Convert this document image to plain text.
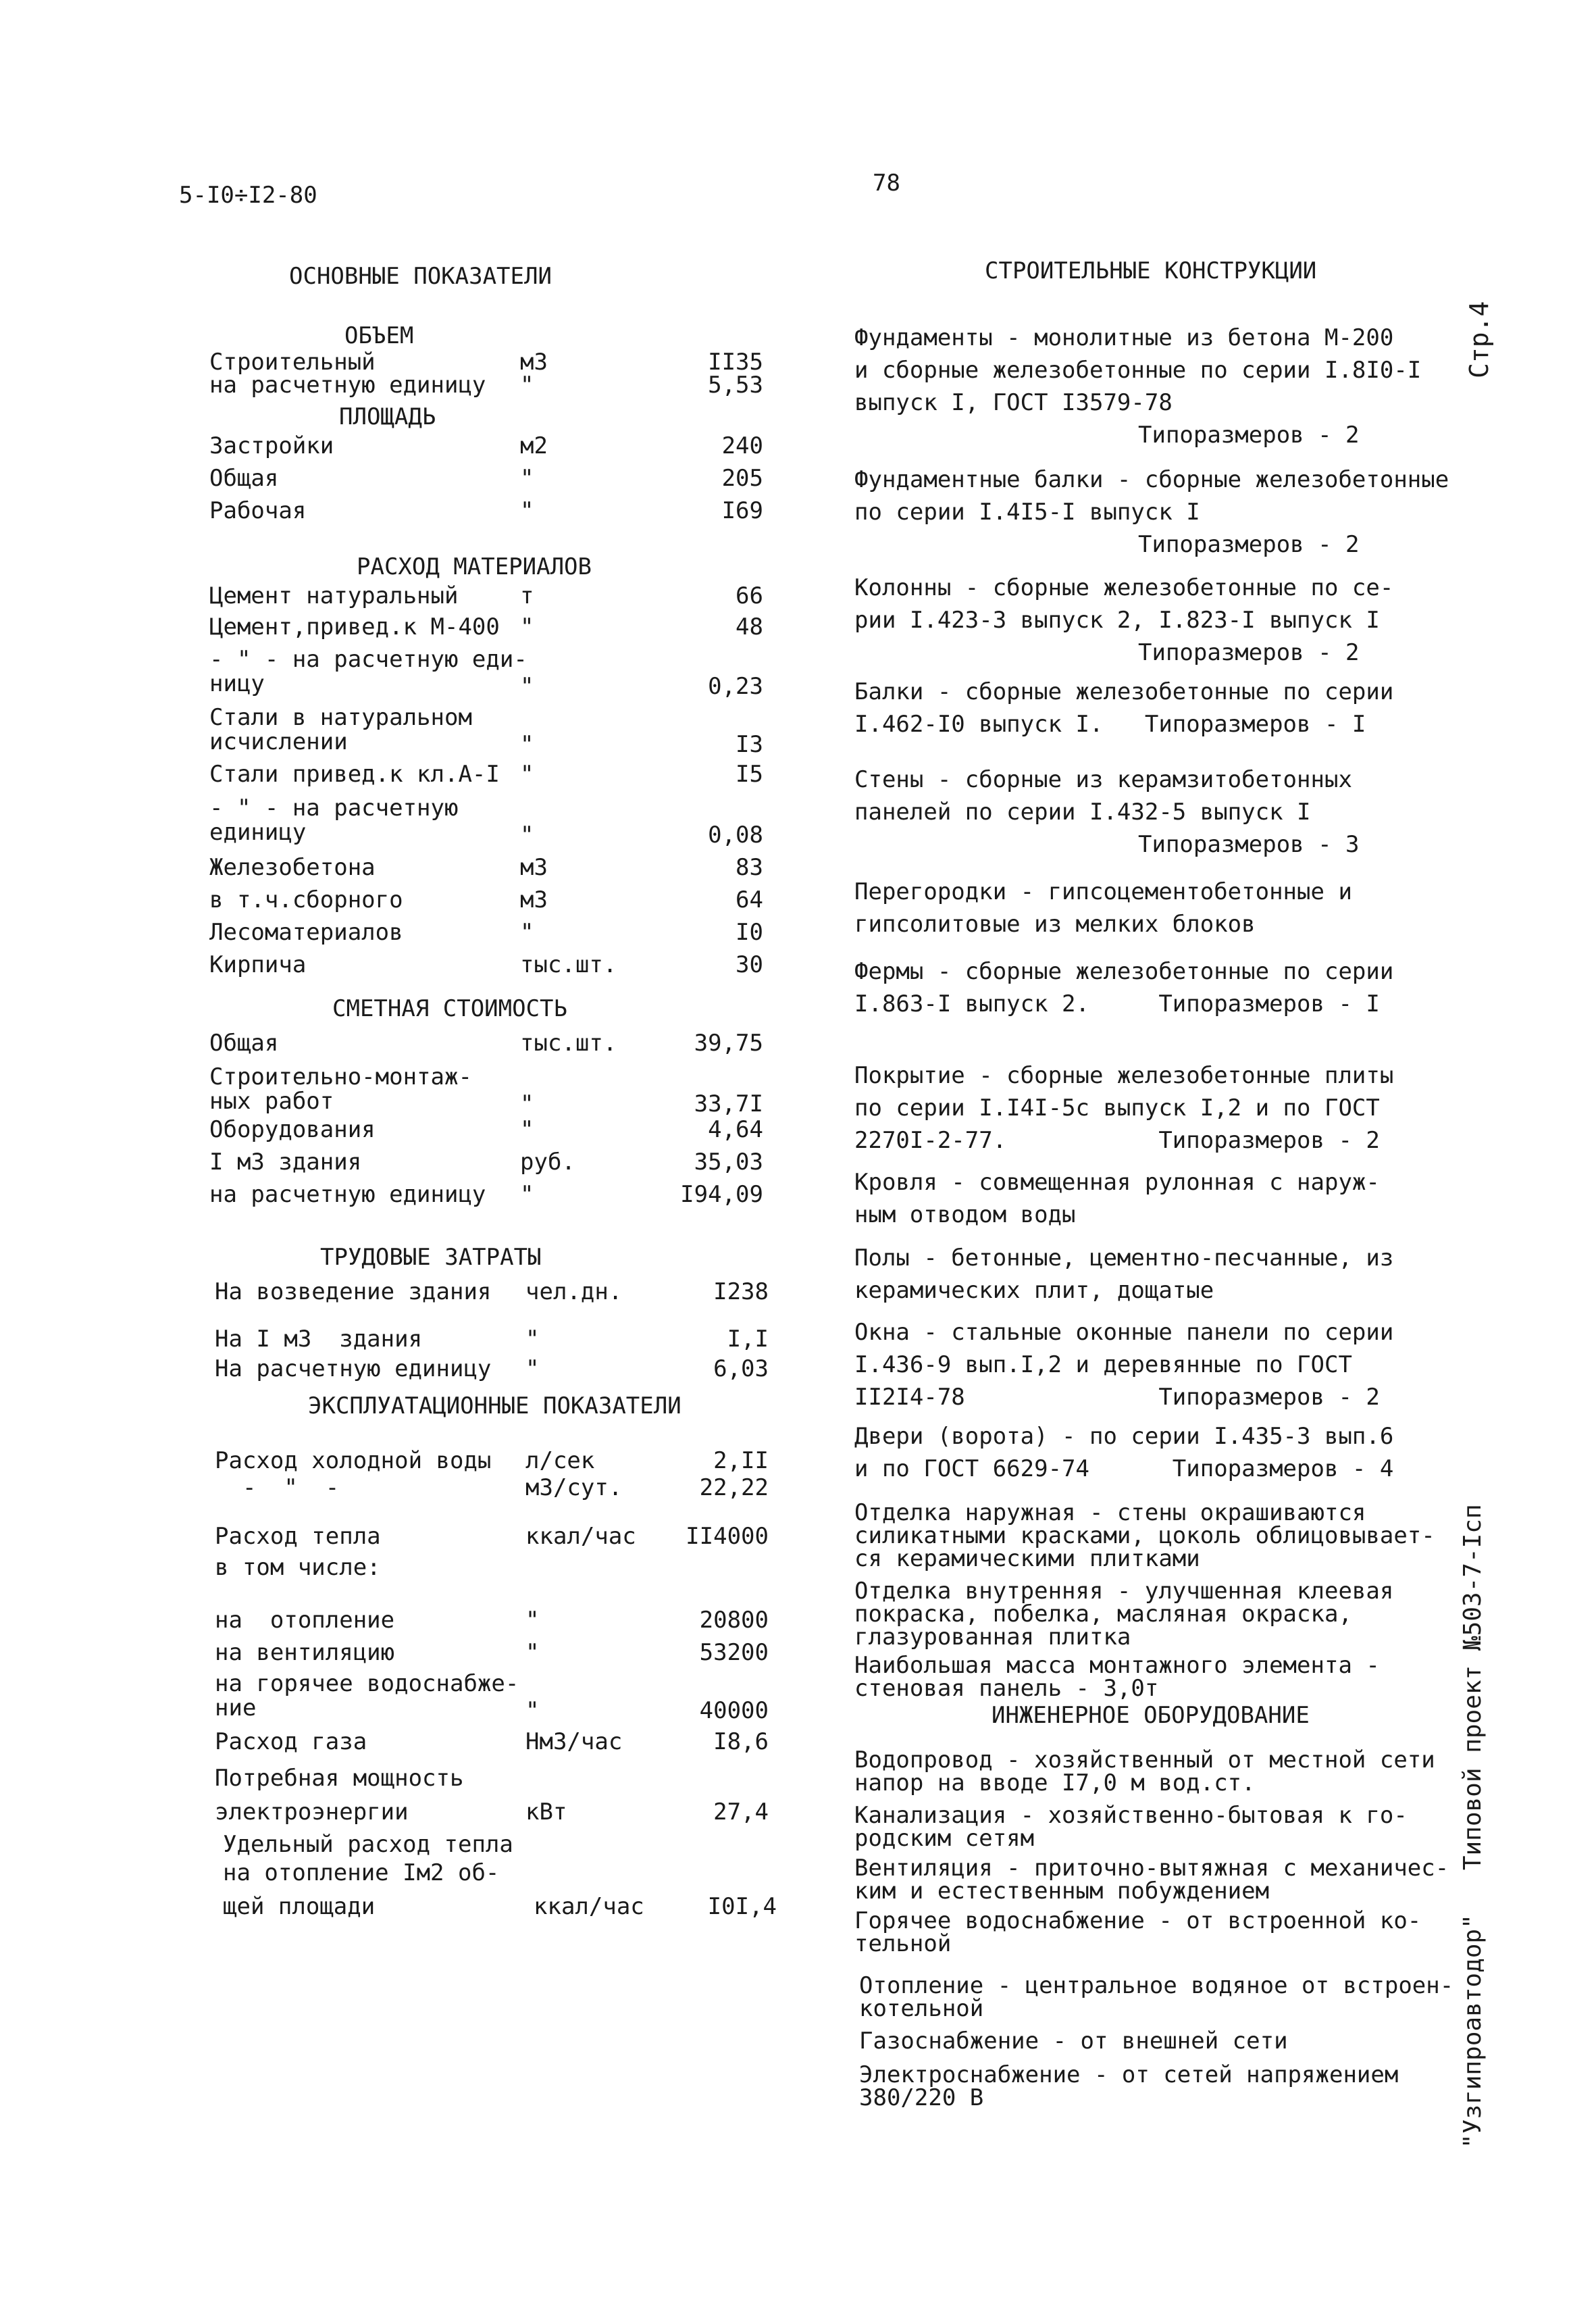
5-I0÷I2-80	78
Стр.4
"Узгипроавтодор"   Типовой проект №503-7-Iсп
ОСНОВНЫЕ ПОКАЗАТЕЛИ
ОБЪЕМ
Строительный	м3	II35
на расчетную единицу "	5,53
ПЛОЩАДЬ
Застройки	м2	240
Общая	"	205
Рабочая	"	I69
РАСХОД МАТЕРИАЛОВ
Цемент натуральный	т	66
Цемент,привед.к М-400 "	48
- " - на расчетную еди-
ницу	"	0,23
Стали в натуральном
исчислении	"	I3
Стали привед.к кл.А-I "	I5
- " - на расчетную
единицу	"	0,08
Железобетона	м3	83
в т.ч.сборного	м3	64
Лесоматериалов	"	I0
Кирпича	тыс.шт.	30
СМЕТНАЯ СТОИМОСТЬ
Общая	тыс.шт.	39,75
Строительно-монтаж-
ных работ	"	33,7I
Оборудования	"	4,64
I м3 здания	руб.	35,03
на расчетную единицу "	I94,09
ТРУДОВЫЕ ЗАТРАТЫ
На возведение здания чел.дн.	I238
На I м3  здания	"	I,I
На расчетную единицу "	6,03
ЭКСПЛУАТАЦИОННЫЕ ПОКАЗАТЕЛИ
Расход холодной воды л/сек	2,II
-  "  -	м3/сут.	22,22
Расход тепла	ккал/час II4000
в том числе:
на  отопление	"	20800
на вентиляцию	"	53200
на горячее водоснабже-
ние	"	40000
Расход газа	Нм3/час	I8,6
Потребная мощность
электроэнергии	кВт	27,4
Удельный расход тепла
на отопление Iм2 об-
щей площади	ккал/час	I0I,4
СТРОИТЕЛЬНЫЕ КОНСТРУКЦИИ
Фундаменты - монолитные из бетона М-200
и сборные железобетонные по серии I.8I0-I
выпуск I, ГОСТ I3579-78
Типоразмеров - 2
Фундаментные балки - сборные железобетонные
по серии I.4I5-I выпуск I
Типоразмеров - 2
Колонны - сборные железобетонные по се-
рии I.423-3 выпуск 2, I.823-I выпуск I
Типоразмеров - 2
Балки - сборные железобетонные по серии
I.462-I0 выпуск I.   Типоразмеров - I
Стены - сборные из керамзитобетонных
панелей по серии I.432-5 выпуск I
Типоразмеров - 3
Перегородки - гипсоцементобетонные и
гипсолитовые из мелких блоков
Фермы - сборные железобетонные по серии
I.863-I выпуск 2.     Типоразмеров - I
Покрытие - сборные железобетонные плиты
по серии I.I4I-5с выпуск I,2 и по ГОСТ
2270I-2-77.           Типоразмеров - 2
Кровля - совмещенная рулонная с наруж-
ным отводом воды
Полы - бетонные, цементно-песчанные, из
керамических плит, дощатые
Окна - стальные оконные панели по серии
I.436-9 вып.I,2 и деревянные по ГОСТ
II2I4-78              Типоразмеров - 2
Двери (ворота) - по серии I.435-3 вып.6
и по ГОСТ 6629-74      Типоразмеров - 4
Отделка наружная - стены окрашиваются
силикатными красками, цоколь облицовывает-
ся керамическими плитками
Отделка внутренняя - улучшенная клеевая
покраска, побелка, масляная окраска,
глазурованная плитка
Наибольшая масса монтажного элемента -
стеновая панель - 3,0т
ИНЖЕНЕРНОЕ ОБОРУДОВАНИЕ
Водопровод - хозяйственный от местной сети
напор на вводе I7,0 м вод.ст.
Канализация - хозяйственно-бытовая к го-
родским сетям
Вентиляция - приточно-вытяжная с механичес-
ким и естественным побуждением
Горячее водоснабжение - от встроенной ко-
тельной
Отопление - центральное водяное от встроен-
котельной
Газоснабжение - от внешней сети
Электроснабжение - от сетей напряжением
380/220 В
